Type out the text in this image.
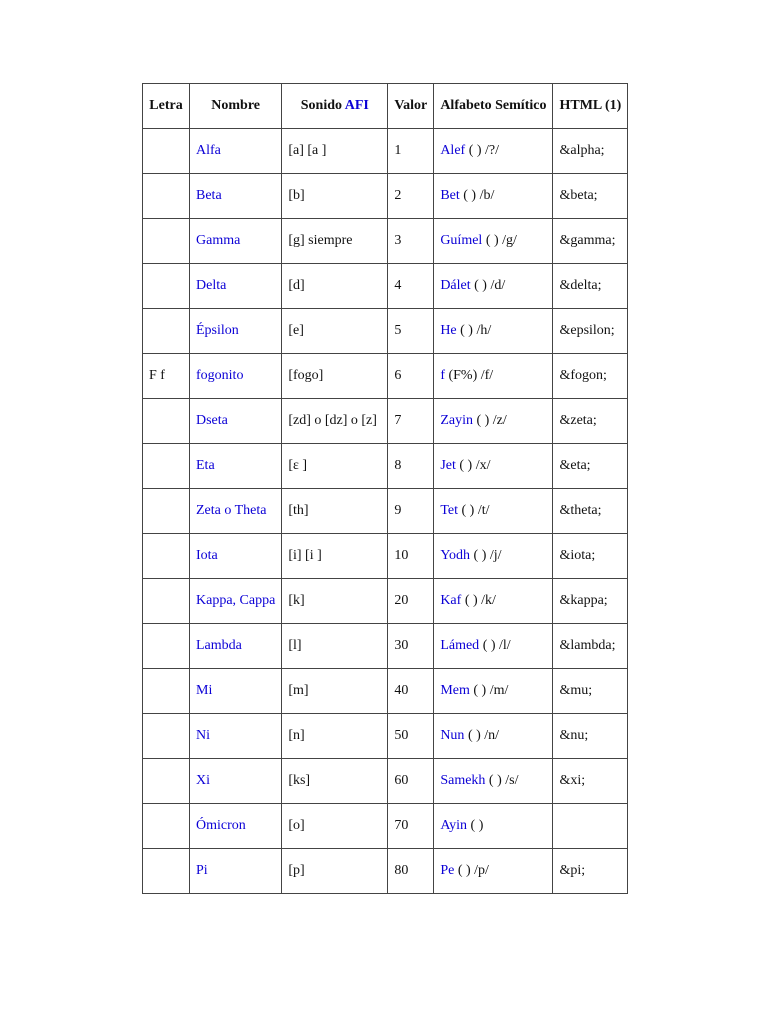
Letra	Nombre	Sonido AFI	Valor	Alfabeto Semítico	HTML (1)
	Alfa	[a] [a ]	1	Alef ( ) /?/	&alpha;
	Beta	[b]	2	Bet ( ) /b/	&beta;
	Gamma	[g] siempre	3	Guímel ( ) /g/	&gamma;
	Delta	[d]	4	Dálet ( ) /d/	&delta;
	Épsilon	[e]	5	He ( ) /h/	&epsilon;
F f	fogonito	[fogo]	6	f (F%) /f/	&fogon;
	Dseta	[zd] o [dz] o [z]	7	Zayin ( ) /z/	&zeta;
	Eta	[ε ]	8	Jet ( ) /x/	&eta;
	Zeta o Theta	[th]	9	Tet ( ) /t/	&theta;
	Iota	[i] [i ]	10	Yodh ( ) /j/	&iota;
	Kappa, Cappa	[k]	20	Kaf ( ) /k/	&kappa;
	Lambda	[l]	30	Lámed ( ) /l/	&lambda;
	Mi	[m]	40	Mem ( ) /m/	&mu;
	Ni	[n]	50	Nun ( ) /n/	&nu;
	Xi	[ks]	60	Samekh ( ) /s/	&xi;
	Ómicron	[o]	70	Ayin ( )	
	Pi	[p]	80	Pe ( ) /p/	&pi;
